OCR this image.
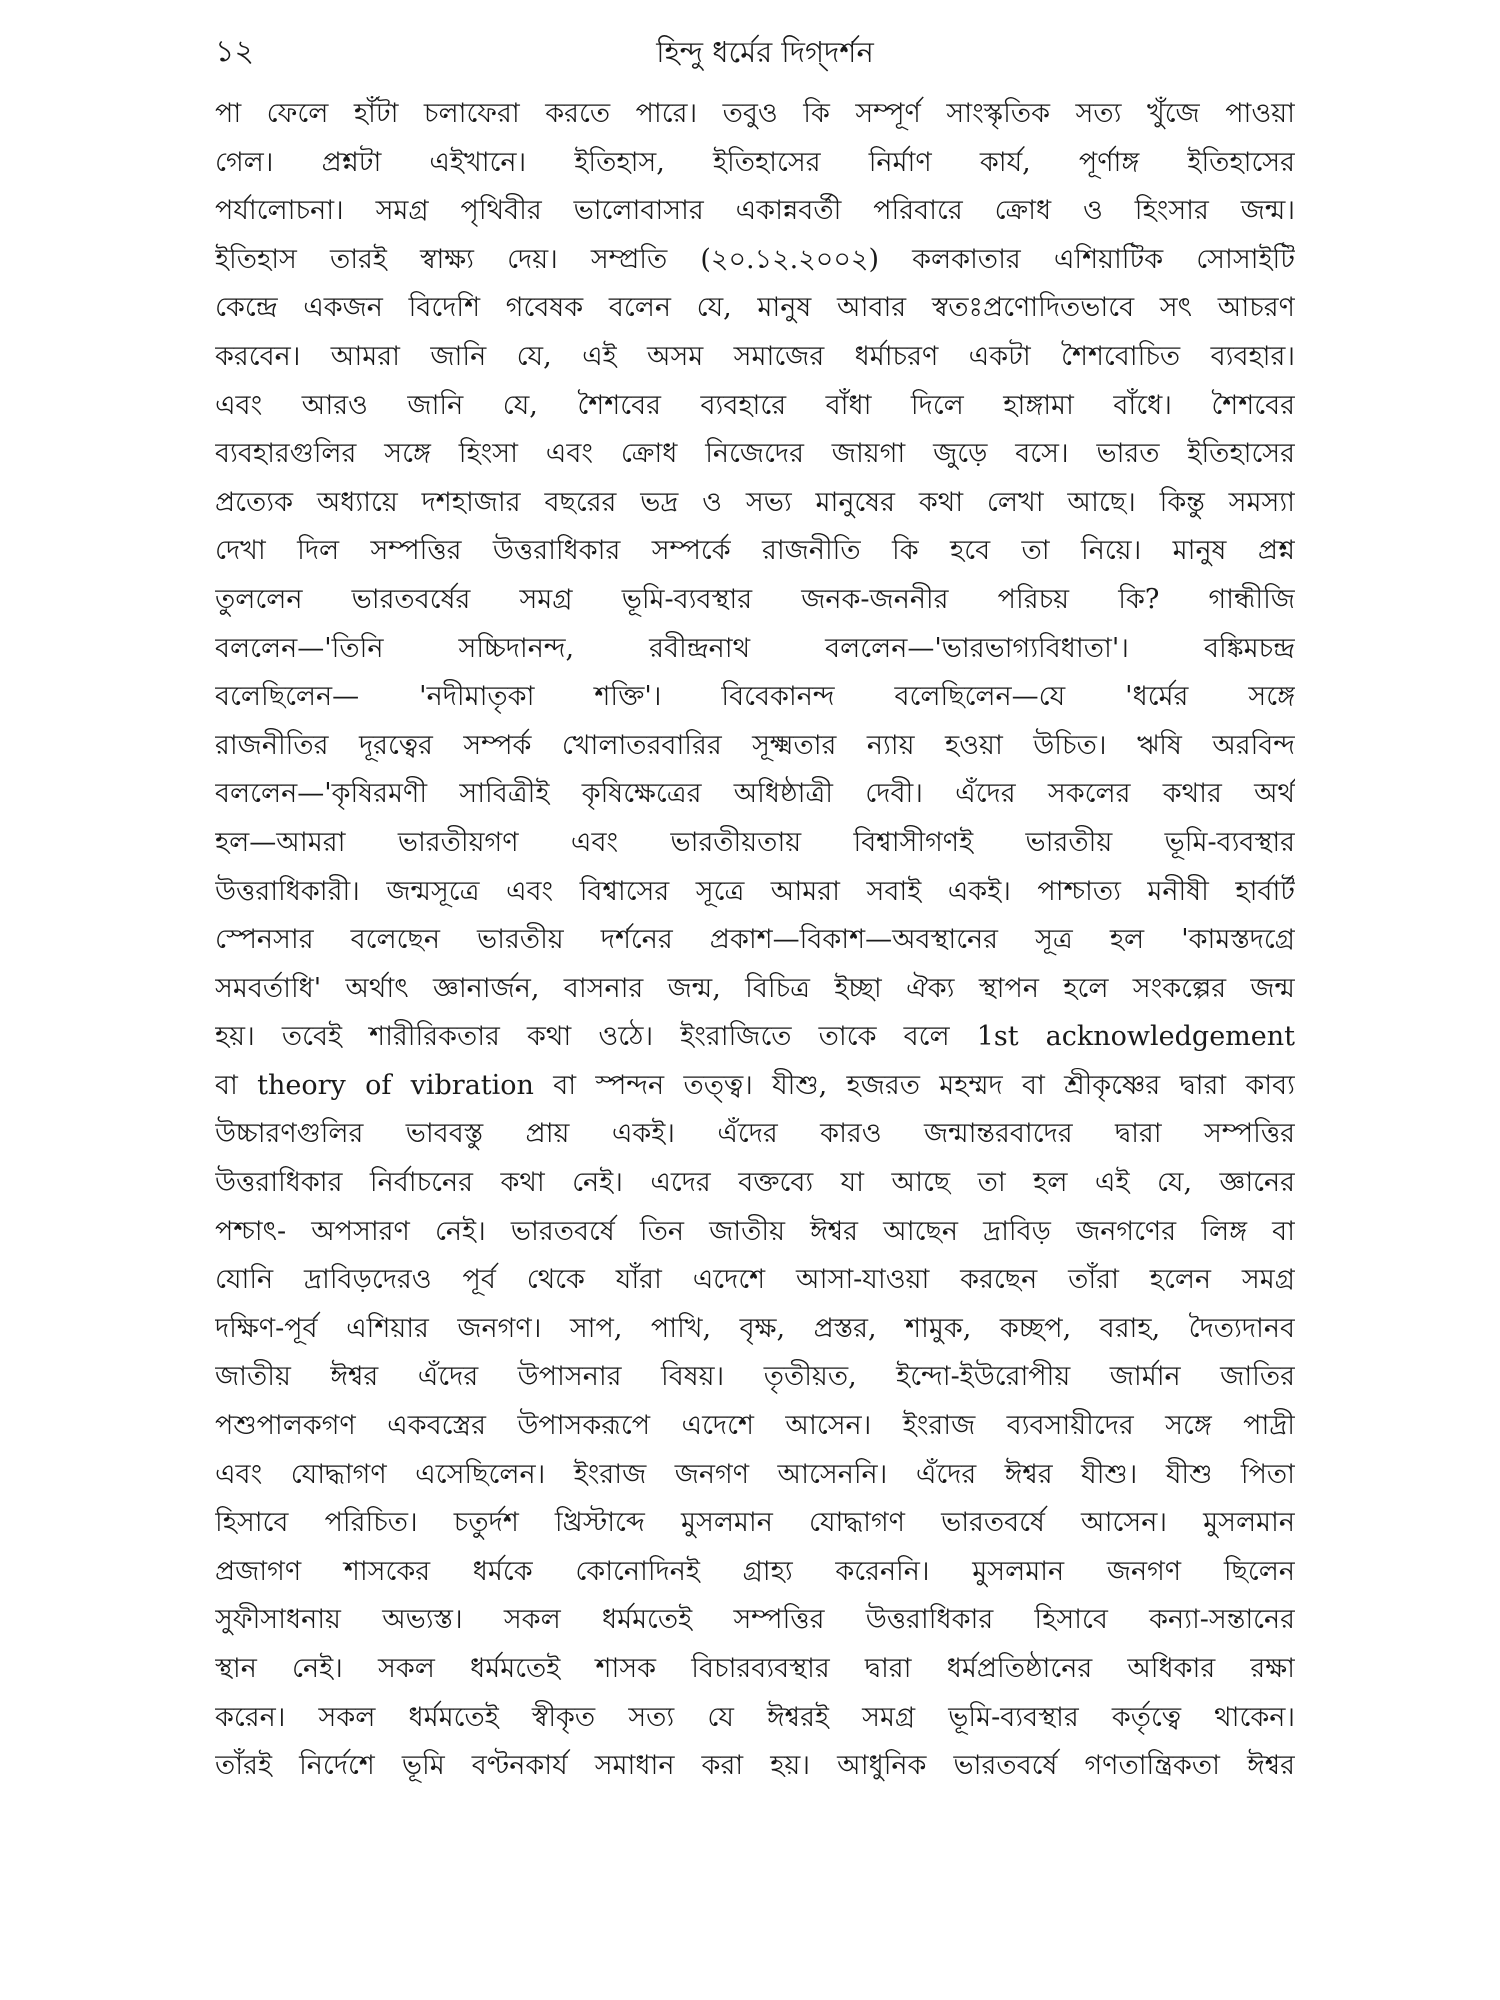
১২	হিন্দু ধর্মের দিগ্‌দর্শন
পা ফেলে হাঁটা চলাফেরা করতে পারে। তবুও কি সম্পূর্ণ সাংস্কৃতিক সত্য খুঁজে পাওয়া
গেল। প্রশ্নটা এইখানে। ইতিহাস, ইতিহাসের নির্মাণ কার্য, পূর্ণাঙ্গ ইতিহাসের
পর্যালোচনা। সমগ্র পৃথিবীর ভালোবাসার একান্নবর্তী পরিবারে ক্রোধ ও হিংসার জন্ম।
ইতিহাস তারই স্বাক্ষ্য দেয়। সম্প্রতি (২০.১২.২০০২) কলকাতার এশিয়াটিক সোসাইটি
কেন্দ্রে একজন বিদেশি গবেষক বলেন যে, মানুষ আবার স্বতঃপ্রণোদিতভাবে সৎ আচরণ
করবেন। আমরা জানি যে, এই অসম সমাজের ধর্মাচরণ একটা শৈশবোচিত ব্যবহার।
এবং আরও জানি যে, শৈশবের ব্যবহারে বাঁধা দিলে হাঙ্গামা বাঁধে। শৈশবের
ব্যবহারগুলির সঙ্গে হিংসা এবং ক্রোধ নিজেদের জায়গা জুড়ে বসে। ভারত ইতিহাসের
প্রত্যেক অধ্যায়ে দশহাজার বছরের ভদ্র ও সভ্য মানুষের কথা লেখা আছে। কিন্তু সমস্যা
দেখা দিল সম্পত্তির উত্তরাধিকার সম্পর্কে রাজনীতি কি হবে তা নিয়ে। মানুষ প্রশ্ন
তুললেন ভারতবর্ষের সমগ্র ভূমি-ব্যবস্থার জনক-জননীর পরিচয় কি? গান্ধীজি
বললেন—'তিনি সচ্চিদানন্দ, রবীন্দ্রনাথ বললেন—'ভারভাগ্যবিধাতা'। বঙ্কিমচন্দ্র
বলেছিলেন— 'নদীমাতৃকা শক্তি'। বিবেকানন্দ বলেছিলেন—যে 'ধর্মের সঙ্গে
রাজনীতির দূরত্বের সম্পর্ক খোলাতরবারির সূক্ষ্মতার ন্যায় হওয়া উচিত। ঋষি অরবিন্দ
বললেন—'কৃষিরমণী সাবিত্রীই কৃষিক্ষেত্রের অধিষ্ঠাত্রী দেবী। এঁদের সকলের কথার অর্থ
হল—আমরা ভারতীয়গণ এবং ভারতীয়তায় বিশ্বাসীগণই ভারতীয় ভূমি-ব্যবস্থার
উত্তরাধিকারী। জন্মসূত্রে এবং বিশ্বাসের সূত্রে আমরা সবাই একই। পাশ্চাত্য মনীষী হার্বার্ট
স্পেনসার বলেছেন ভারতীয় দর্শনের প্রকাশ—বিকাশ—অবস্থানের সূত্র হল 'কামস্তদগ্রে
সমবর্তাধি' অর্থাৎ জ্ঞানার্জন, বাসনার জন্ম, বিচিত্র ইচ্ছা ঐক্য স্থাপন হলে সংকল্পের জন্ম
হয়। তবেই শারীরিকতার কথা ওঠে। ইংরাজিতে তাকে বলে 1st acknowledgement
বা theory of vibration বা স্পন্দন তত্ত্ব। যীশু, হজরত মহম্মদ বা শ্রীকৃষ্ণের দ্বারা কাব্য
উচ্চারণগুলির ভাববস্তু প্রায় একই। এঁদের কারও জন্মান্তরবাদের দ্বারা সম্পত্তির
উত্তরাধিকার নির্বাচনের কথা নেই। এদের বক্তব্যে যা আছে তা হল এই যে, জ্ঞানের
পশ্চাৎ- অপসারণ নেই। ভারতবর্ষে তিন জাতীয় ঈশ্বর আছেন দ্রাবিড় জনগণের লিঙ্গ বা
যোনি দ্রাবিড়দেরও পূর্ব থেকে যাঁরা এদেশে আসা-যাওয়া করছেন তাঁরা হলেন সমগ্র
দক্ষিণ-পূর্ব এশিয়ার জনগণ। সাপ, পাখি, বৃক্ষ, প্রস্তর, শামুক, কচ্ছপ, বরাহ, দৈত্যদানব
জাতীয় ঈশ্বর এঁদের উপাসনার বিষয়। তৃতীয়ত, ইন্দো-ইউরোপীয় জার্মান জাতির
পশুপালকগণ একবস্ত্রের উপাসকরূপে এদেশে আসেন। ইংরাজ ব্যবসায়ীদের সঙ্গে পাদ্রী
এবং যোদ্ধাগণ এসেছিলেন। ইংরাজ জনগণ আসেননি। এঁদের ঈশ্বর যীশু। যীশু পিতা
হিসাবে পরিচিত। চতুর্দশ খ্রিস্টাব্দে মুসলমান যোদ্ধাগণ ভারতবর্ষে আসেন। মুসলমান
প্রজাগণ শাসকের ধর্মকে কোনোদিনই গ্রাহ্য করেননি। মুসলমান জনগণ ছিলেন
সুফীসাধনায় অভ্যস্ত। সকল ধর্মমতেই সম্পত্তির উত্তরাধিকার হিসাবে কন্যা-সন্তানের
স্থান নেই। সকল ধর্মমতেই শাসক বিচারব্যবস্থার দ্বারা ধর্মপ্রতিষ্ঠানের অধিকার রক্ষা
করেন। সকল ধর্মমতেই স্বীকৃত সত্য যে ঈশ্বরই সমগ্র ভূমি-ব্যবস্থার কর্তৃত্বে থাকেন।
তাঁরই নির্দেশে ভূমি বণ্টনকার্য সমাধান করা হয়। আধুনিক ভারতবর্ষে গণতান্ত্রিকতা ঈশ্বর
